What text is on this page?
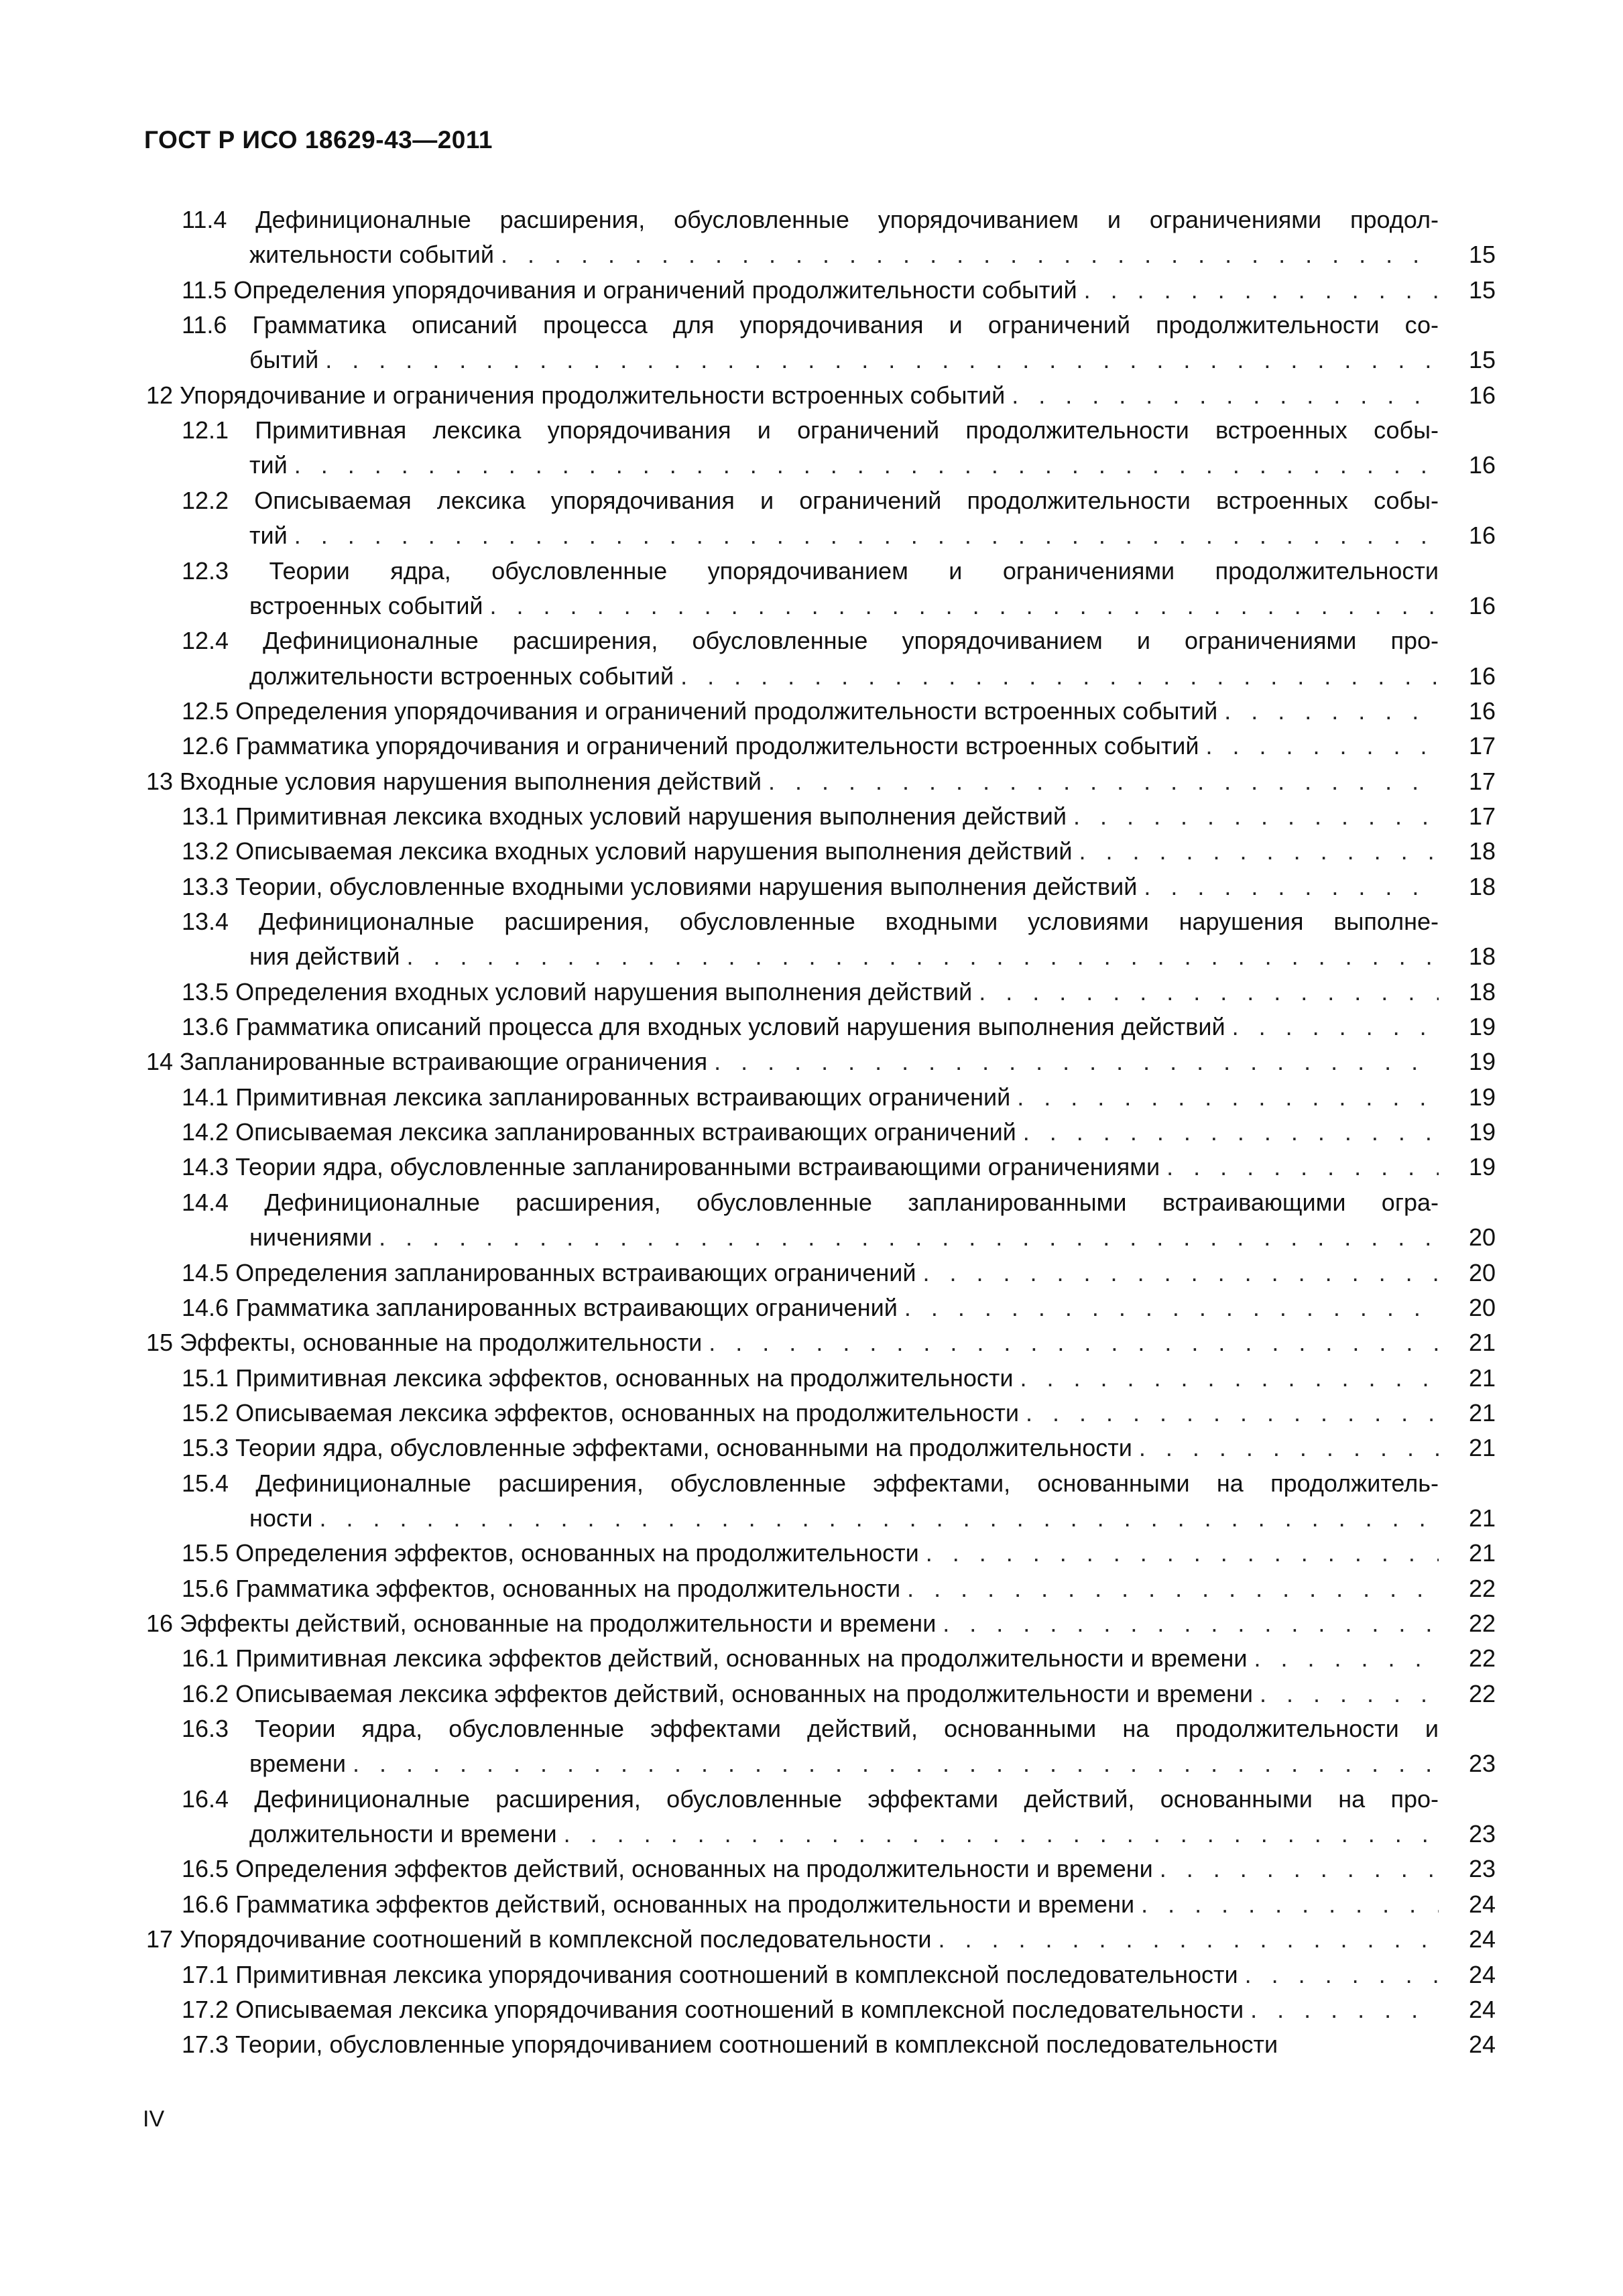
ГОСТ Р ИСО 18629-43—2011
11.4 Дефиниционалные расширения, обусловленные упорядочиванием и ограничениями продол-
жительности событий . . .	15
11.5 Определения упорядочивания и ограничений продолжительности событий . . .	15
11.6 Грамматика описаний процесса для упорядочивания и ограничений продолжительности со-
бытий . . .	15
12 Упорядочивание и ограничения продолжительности встроенных событий . . .	16
12.1 Примитивная лексика упорядочивания и ограничений продолжительности встроенных собы-
тий . . .	16
12.2 Описываемая лексика упорядочивания и ограничений продолжительности встроенных собы-
тий . . .	16
12.3 Теории ядра, обусловленные упорядочиванием и ограничениями продолжительности
встроенных событий . . .	16
12.4 Дефиниционалные расширения, обусловленные упорядочиванием и ограничениями про-
должительности встроенных событий . . .	16
12.5 Определения упорядочивания и ограничений продолжительности встроенных событий . . .	16
12.6 Грамматика упорядочивания и ограничений продолжительности встроенных событий . . .	17
13 Входные условия нарушения выполнения действий . . .	17
13.1 Примитивная лексика входных условий нарушения выполнения действий . . .	17
13.2 Описываемая лексика входных условий нарушения выполнения действий . . .	18
13.3 Теории, обусловленные входными условиями нарушения выполнения действий . . .	18
13.4 Дефиниционалные расширения, обусловленные входными условиями нарушения выполне-
ния действий . . .	18
13.5 Определения входных условий нарушения выполнения действий . . .	18
13.6 Грамматика описаний процесса для входных условий нарушения выполнения действий . . .	19
14 Запланированные встраивающие ограничения . . .	19
14.1 Примитивная лексика запланированных встраивающих ограничений . . .	19
14.2 Описываемая лексика запланированных встраивающих ограничений . . .	19
14.3 Теории ядра, обусловленные запланированными встраивающими ограничениями . . .	19
14.4 Дефиниционалные расширения, обусловленные запланированными встраивающими огра-
ничениями . . .	20
14.5 Определения запланированных встраивающих ограничений . . .	20
14.6 Грамматика запланированных встраивающих ограничений . . .	20
15 Эффекты, основанные на продолжительности . . .	21
15.1 Примитивная лексика эффектов, основанных на продолжительности . . .	21
15.2 Описываемая лексика эффектов, основанных на продолжительности . . .	21
15.3 Теории ядра, обусловленные эффектами, основанными на продолжительности . . .	21
15.4 Дефиниционалные расширения, обусловленные эффектами, основанными на продолжитель-
ности . . .	21
15.5 Определения эффектов, основанных на продолжительности . . .	21
15.6 Грамматика эффектов, основанных на продолжительности . . .	22
16 Эффекты действий, основанные на продолжительности и времени . . .	22
16.1 Примитивная лексика эффектов действий, основанных на продолжительности и времени . . .	22
16.2 Описываемая лексика эффектов действий, основанных на продолжительности и времени . . .	22
16.3 Теории ядра, обусловленные эффектами действий, основанными на продолжительности и
времени . . .	23
16.4 Дефиниционалные расширения, обусловленные эффектами действий, основанными на про-
должительности и времени . . .	23
16.5 Определения эффектов действий, основанных на продолжительности и времени . . .	23
16.6 Грамматика эффектов действий, основанных на продолжительности и времени . . .	24
17 Упорядочивание соотношений в комплексной последовательности . . .	24
17.1 Примитивная лексика упорядочивания соотношений в комплексной последовательности . . .	24
17.2 Описываемая лексика упорядочивания соотношений в комплексной последовательности . . .	24
17.3 Теории, обусловленные упорядочиванием соотношений в комплексной последовательности	24
IV
